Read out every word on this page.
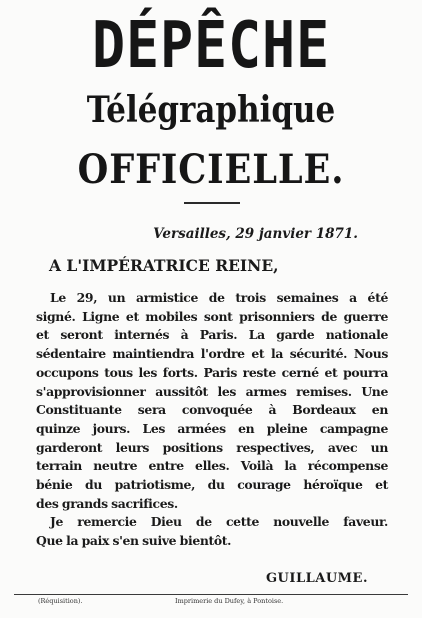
DÉPÊCHE
Télégraphique
OFFICIELLE.
Versailles, 29 janvier 1871.
A L'IMPÉRATRICE REINE,
Le 29, un armistice de trois semaines a été
signé. Ligne et mobiles sont prisonniers de guerre
et seront internés à Paris. La garde nationale
sédentaire maintiendra l'ordre et la sécurité. Nous
occupons tous les forts. Paris reste cerné et pourra
s'approvisionner aussitôt les armes remises. Une
Constituante sera convoquée à Bordeaux en
quinze jours. Les armées en pleine campagne
garderont leurs positions respectives, avec un
terrain neutre entre elles. Voilà la récompense
bénie du patriotisme, du courage héroïque et
des grands sacrifices.
Je remercie Dieu de cette nouvelle faveur.
Que la paix s'en suive bientôt.
GUILLAUME.
(Réquisition).	Imprimerie du Dufey, à Pontoise.
